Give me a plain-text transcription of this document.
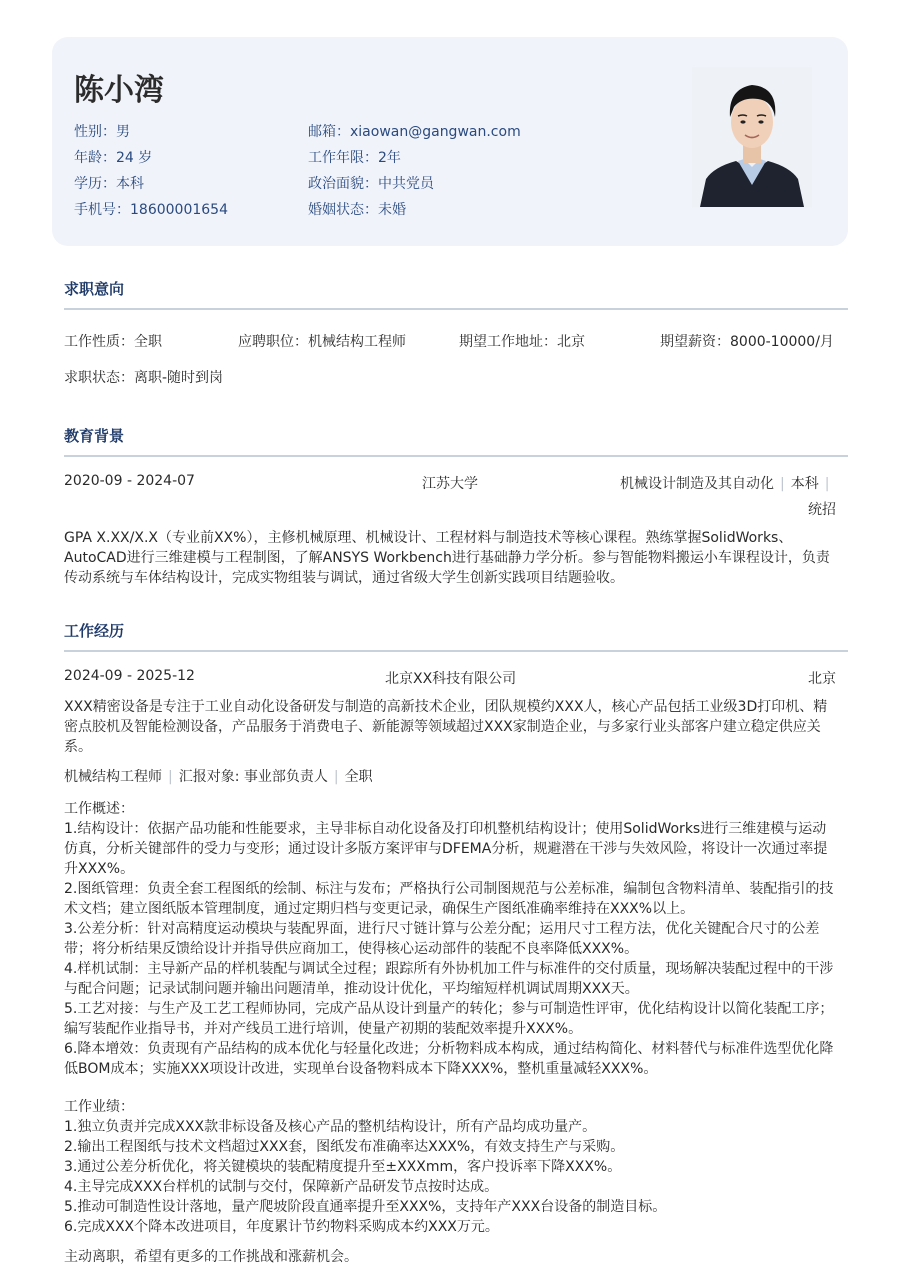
陈小湾
性别：男
年龄：24 岁
学历：本科
手机号：18600001654
邮箱：xiaowan@gangwan.com
工作年限：2年
政治面貌：中共党员
婚姻状态：未婚
求职意向
工作性质：全职	应聘职位：机械结构工程师	期望工作地址：北京	期望薪资：8000-10000/月
求职状态：离职-随时到岗
教育背景
2020-09 - 2024-07	江苏大学	机械设计制造及其自动化 | 本科 |
统招
GPA X.XX/X.X（专业前XX%），主修机械原理、机械设计、工程材料与制造技术等核心课程。熟练掌握SolidWorks、
AutoCAD进行三维建模与工程制图，了解ANSYS Workbench进行基础静力学分析。参与智能物料搬运小车课程设计，负责
传动系统与车体结构设计，完成实物组装与调试，通过省级大学生创新实践项目结题验收。
工作经历
2024-09 - 2025-12	北京XX科技有限公司	北京
XXX精密设备是专注于工业自动化设备研发与制造的高新技术企业，团队规模约XXX人，核心产品包括工业级3D打印机、精
密点胶机及智能检测设备，产品服务于消费电子、新能源等领域超过XXX家制造企业，与多家行业头部客户建立稳定供应关
系。
机械结构工程师 | 汇报对象: 事业部负责人 | 全职
工作概述：
1.结构设计：依据产品功能和性能要求，主导非标自动化设备及打印机整机结构设计；使用SolidWorks进行三维建模与运动
仿真，分析关键部件的受力与变形；通过设计多版方案评审与DFEMA分析，规避潜在干涉与失效风险，将设计一次通过率提
升XXX%。
2.图纸管理：负责全套工程图纸的绘制、标注与发布；严格执行公司制图规范与公差标准，编制包含物料清单、装配指引的技
术文档；建立图纸版本管理制度，通过定期归档与变更记录，确保生产图纸准确率维持在XXX%以上。
3.公差分析：针对高精度运动模块与装配界面，进行尺寸链计算与公差分配；运用尺寸工程方法，优化关键配合尺寸的公差
带；将分析结果反馈给设计并指导供应商加工，使得核心运动部件的装配不良率降低XXX%。
4.样机试制：主导新产品的样机装配与调试全过程；跟踪所有外协机加工件与标准件的交付质量，现场解决装配过程中的干涉
与配合问题；记录试制问题并输出问题清单，推动设计优化，平均缩短样机调试周期XXX天。
5.工艺对接：与生产及工艺工程师协同，完成产品从设计到量产的转化；参与可制造性评审，优化结构设计以简化装配工序；
编写装配作业指导书，并对产线员工进行培训，使量产初期的装配效率提升XXX%。
6.降本增效：负责现有产品结构的成本优化与轻量化改进；分析物料成本构成，通过结构简化、材料替代与标准件选型优化降
低BOM成本；实施XXX项设计改进，实现单台设备物料成本下降XXX%，整机重量减轻XXX%。
工作业绩：
1.独立负责并完成XXX款非标设备及核心产品的整机结构设计，所有产品均成功量产。
2.输出工程图纸与技术文档超过XXX套，图纸发布准确率达XXX%，有效支持生产与采购。
3.通过公差分析优化，将关键模块的装配精度提升至±XXXmm，客户投诉率下降XXX%。
4.主导完成XXX台样机的试制与交付，保障新产品研发节点按时达成。
5.推动可制造性设计落地，量产爬坡阶段直通率提升至XXX%，支持年产XXX台设备的制造目标。
6.完成XXX个降本改进项目，年度累计节约物料采购成本约XXX万元。
主动离职，希望有更多的工作挑战和涨薪机会。
